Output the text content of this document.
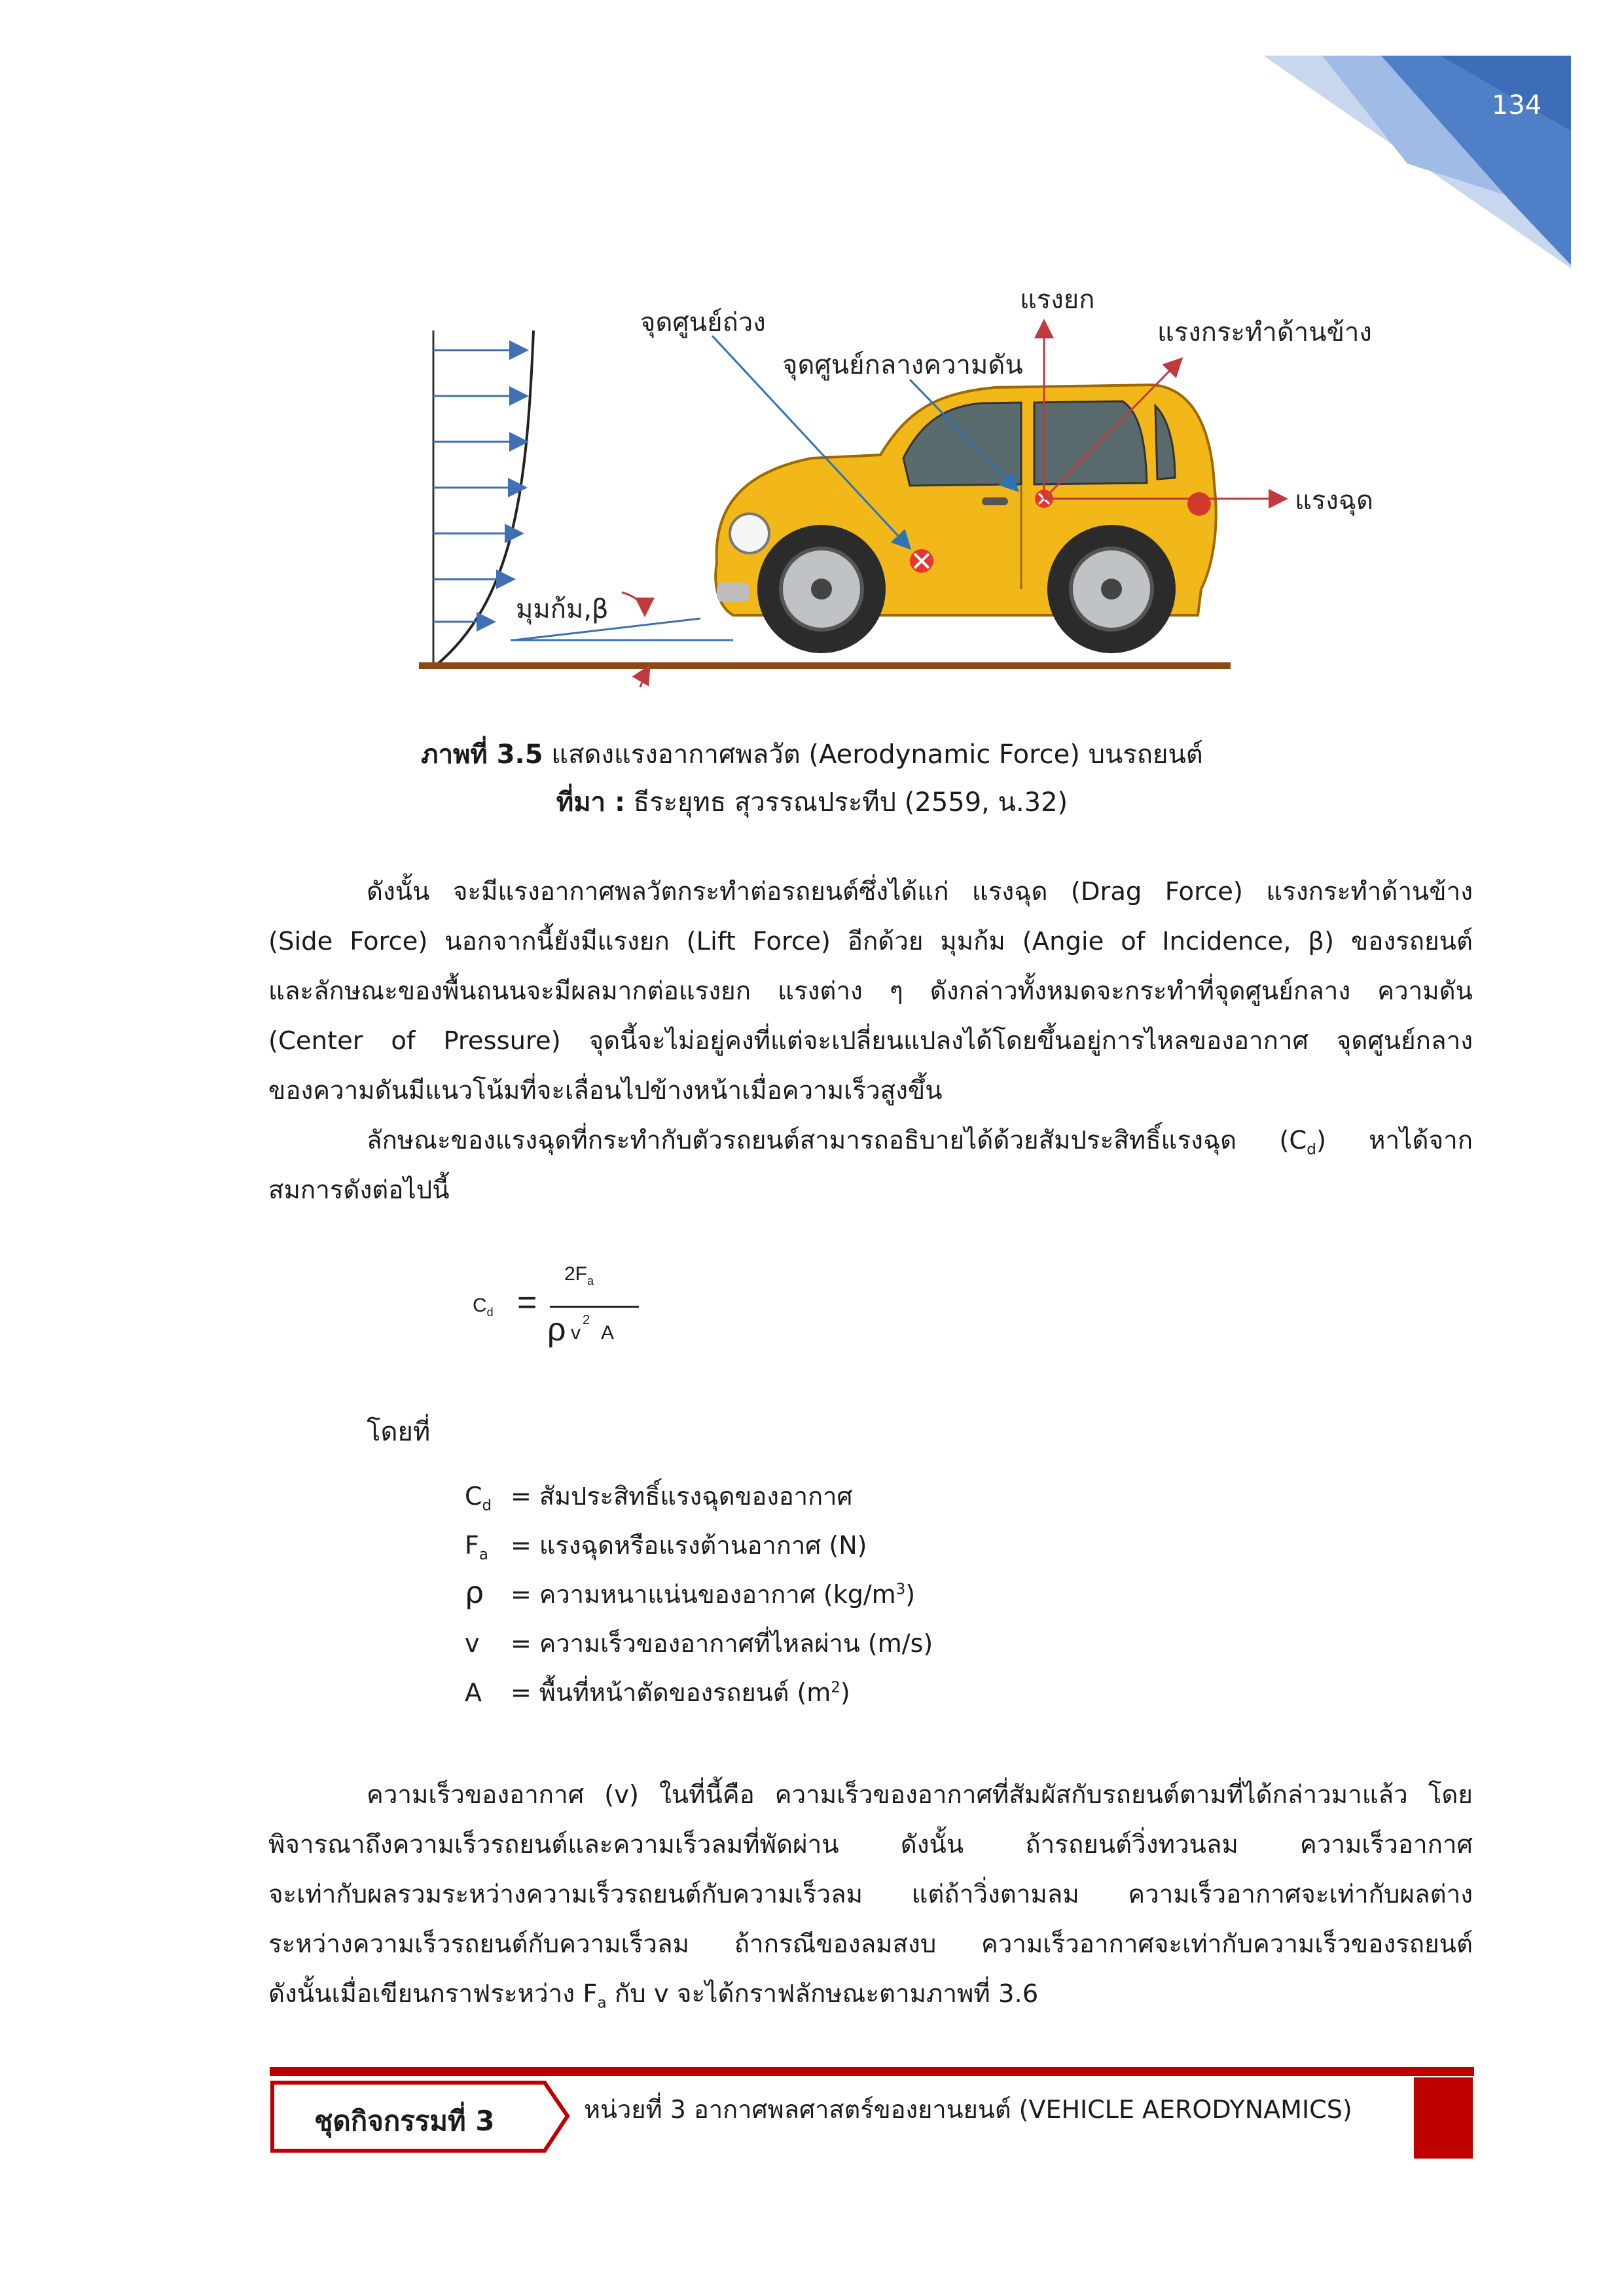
134
จุดศูนย์ถ่วง
แรงยก
แรงกระทำด้านข้าง
จุดศูนย์กลางความดัน
แรงฉุด
มุมก้ม,β
ภาพที่ 3.5 แสดงแรงอากาศพลวัต (Aerodynamic Force) บนรถยนต์
ที่มา : ธีระยุทธ สุวรรณประทีป (2559, น.32)
ดังนั้น จะมีแรงอากาศพลวัตกระทำต่อรถยนต์ซึ่งได้แก่ แรงฉุด (Drag Force) แรงกระทำด้านข้าง
(Side Force) นอกจากนี้ยังมีแรงยก (Lift Force) อีกด้วย มุมก้ม (Angie of Incidence, β) ของรถยนต์
และลักษณะของพื้นถนนจะมีผลมากต่อแรงยก แรงต่าง ๆ ดังกล่าวทั้งหมดจะกระทำที่จุดศูนย์กลาง ความดัน
(Center of Pressure) จุดนี้จะไม่อยู่คงที่แต่จะเปลี่ยนแปลงได้โดยขึ้นอยู่การไหลของอากาศ จุดศูนย์กลาง
ของความดันมีแนวโน้มที่จะเลื่อนไปข้างหน้าเมื่อความเร็วสูงขึ้น
ลักษณะของแรงฉุดที่กระทำกับตัวรถยนต์สามารถอธิบายได้ด้วยสัมประสิทธิ์แรงฉุด $(C_d)$ หาได้จาก
สมการดังต่อไปนี้
$C_d$ =
$2F_a$
ρ v
2
A
โดยที่
$C_d$ = สัมประสิทธิ์แรงฉุดของอากาศ
$F_a$ = แรงฉุดหรือแรงต้านอากาศ (N)
ρ = ความหนาแน่นของอากาศ $(kg/m^3)$
v = ความเร็วของอากาศที่ไหลผ่าน (m/s)
A = พื้นที่หน้าตัดของรถยนต์ $(m^2)$
ความเร็วของอากาศ (v) ในที่นี้คือ ความเร็วของอากาศที่สัมผัสกับรถยนต์ตามที่ได้กล่าวมาแล้ว โดย
พิจารณาถึงความเร็วรถยนต์และความเร็วลมที่พัดผ่าน ดังนั้น ถ้ารถยนต์วิ่งทวนลม ความเร็วอากาศ
จะเท่ากับผลรวมระหว่างความเร็วรถยนต์กับความเร็วลม แต่ถ้าวิ่งตามลม ความเร็วอากาศจะเท่ากับผลต่าง
ระหว่างความเร็วรถยนต์กับความเร็วลม ถ้ากรณีของลมสงบ ความเร็วอากาศจะเท่ากับความเร็วของรถยนต์
ดังนั้นเมื่อเขียนกราฟระหว่าง $F_a$ กับ v จะได้กราฟลักษณะตามภาพที่ 3.6
ชุดกิจกรรมที่ 3	หน่วยที่ 3 อากาศพลศาสตร์ของยานยนต์ (VEHICLE AERODYNAMICS)
